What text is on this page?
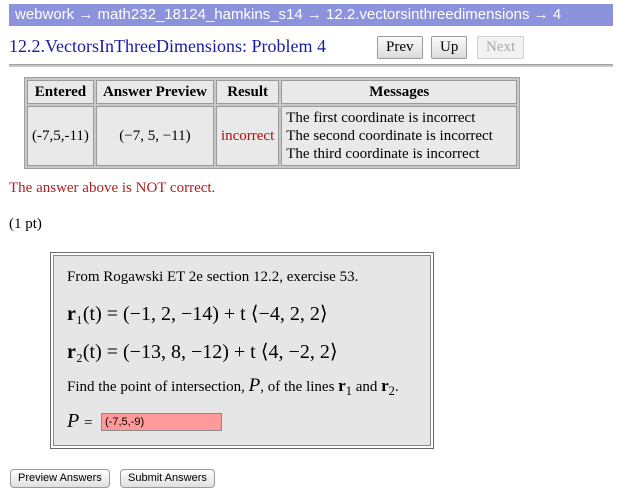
webwork → math232_18124_hamkins_s14 → 12.2.vectorsinthreedimensions → 4
12.2.VectorsInThreeDimensions: Problem 4	Prev	Up	Next
Entered	Answer Preview	Result	Messages
(-7,5,-11)	(−7, 5, −11)	incorrect	The first coordinate is incorrect
The second coordinate is incorrect
The third coordinate is incorrect
The answer above is NOT correct.
(1 pt)
From Rogawski ET 2e section 12.2, exercise 53.
r₁(t) = (−1, 2, −14) + t ⟨−4, 2, 2⟩
r₂(t) = (−13, 8, −12) + t ⟨4, −2, 2⟩
Find the point of intersection, P, of the lines $r_1$ and $r_2$.
P =	(-7,5,-9)
Preview Answers	Submit Answers
